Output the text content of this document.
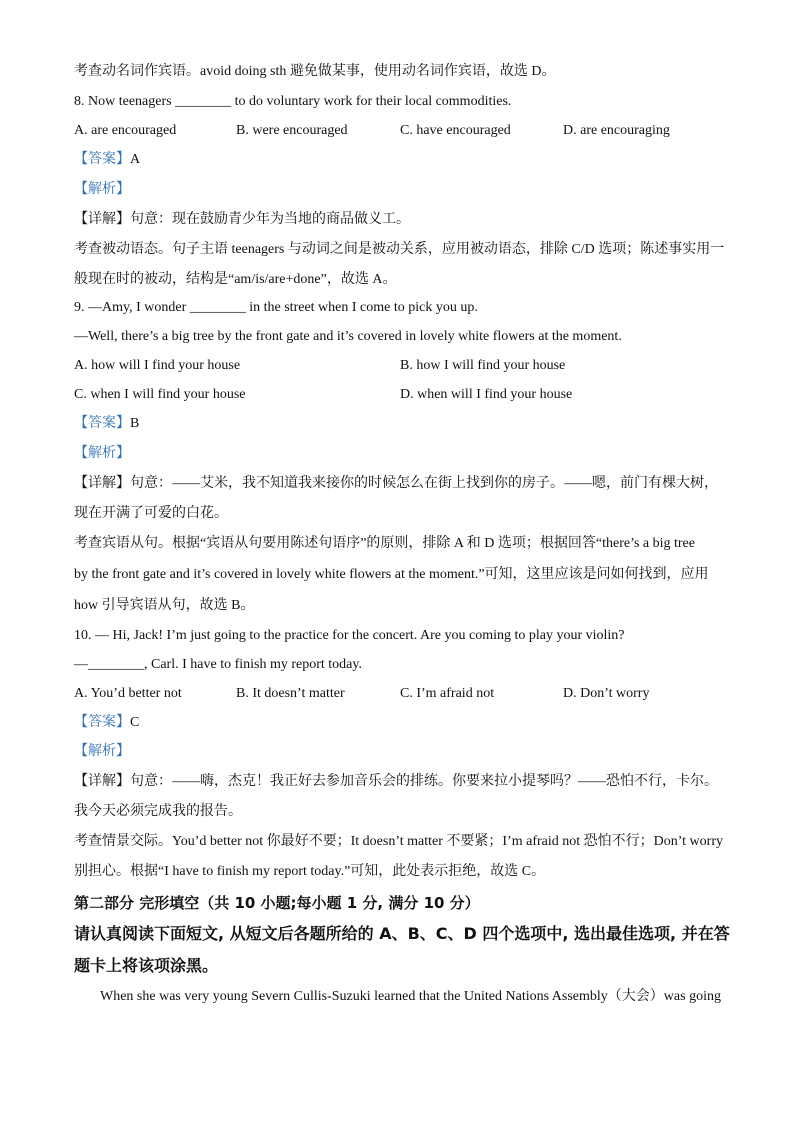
考查动名词作宾语。avoid doing sth 避免做某事，使用动名词作宾语，故选 D。
8. Now teenagers ________ to do voluntary work for their local commodities.
A. are encouraged	B. were encouraged	C. have encouraged	D. are encouraging
【答案】A
【解析】
【详解】句意：现在鼓励青少年为当地的商品做义工。
考查被动语态。句子主语 teenagers 与动词之间是被动关系，应用被动语态，排除 C/D 选项；陈述事实用一
般现在时的被动，结构是“am/is/are+done”，故选 A。
9. —Amy, I wonder ________ in the street when I come to pick you up.
—Well, there’s a big tree by the front gate and it’s covered in lovely white flowers at the moment.
A. how will I find your house	B. how I will find your house
C. when I will find your house	D. when will I find your house
【答案】B
【解析】
【详解】句意：——艾米，我不知道我来接你的时候怎么在街上找到你的房子。——嗯，前门有棵大树，
现在开满了可爱的白花。
考查宾语从句。根据“宾语从句要用陈述句语序”的原则，排除 A 和 D 选项；根据回答“there’s a big tree
by the front gate and it’s covered in lovely white flowers at the moment.”可知，这里应该是问如何找到，应用
how 引导宾语从句，故选 B。
10. — Hi, Jack! I’m just going to the practice for the concert. Are you coming to play your violin?
—________, Carl. I have to finish my report today.
A. You’d better not	B. It doesn’t matter	C. I’m afraid not	D. Don’t worry
【答案】C
【解析】
【详解】句意：——嗨，杰克！我正好去参加音乐会的排练。你要来拉小提琴吗？——恐怕不行，卡尔。
我今天必须完成我的报告。
考查情景交际。You’d better not 你最好不要；It doesn’t matter 不要紧；I’m afraid not 恐怕不行；Don’t worry
别担心。根据“I have to finish my report today.”可知，此处表示拒绝，故选 C。
第二部分 完形填空（共 10 小题;每小题 1 分, 满分 10 分）
请认真阅读下面短文, 从短文后各题所给的 A、B、C、D 四个选项中, 选出最佳选项, 并在答
题卡上将该项涂黑。
When she was very young Severn Cullis-Suzuki learned that the United Nations Assembly（大会）was going
